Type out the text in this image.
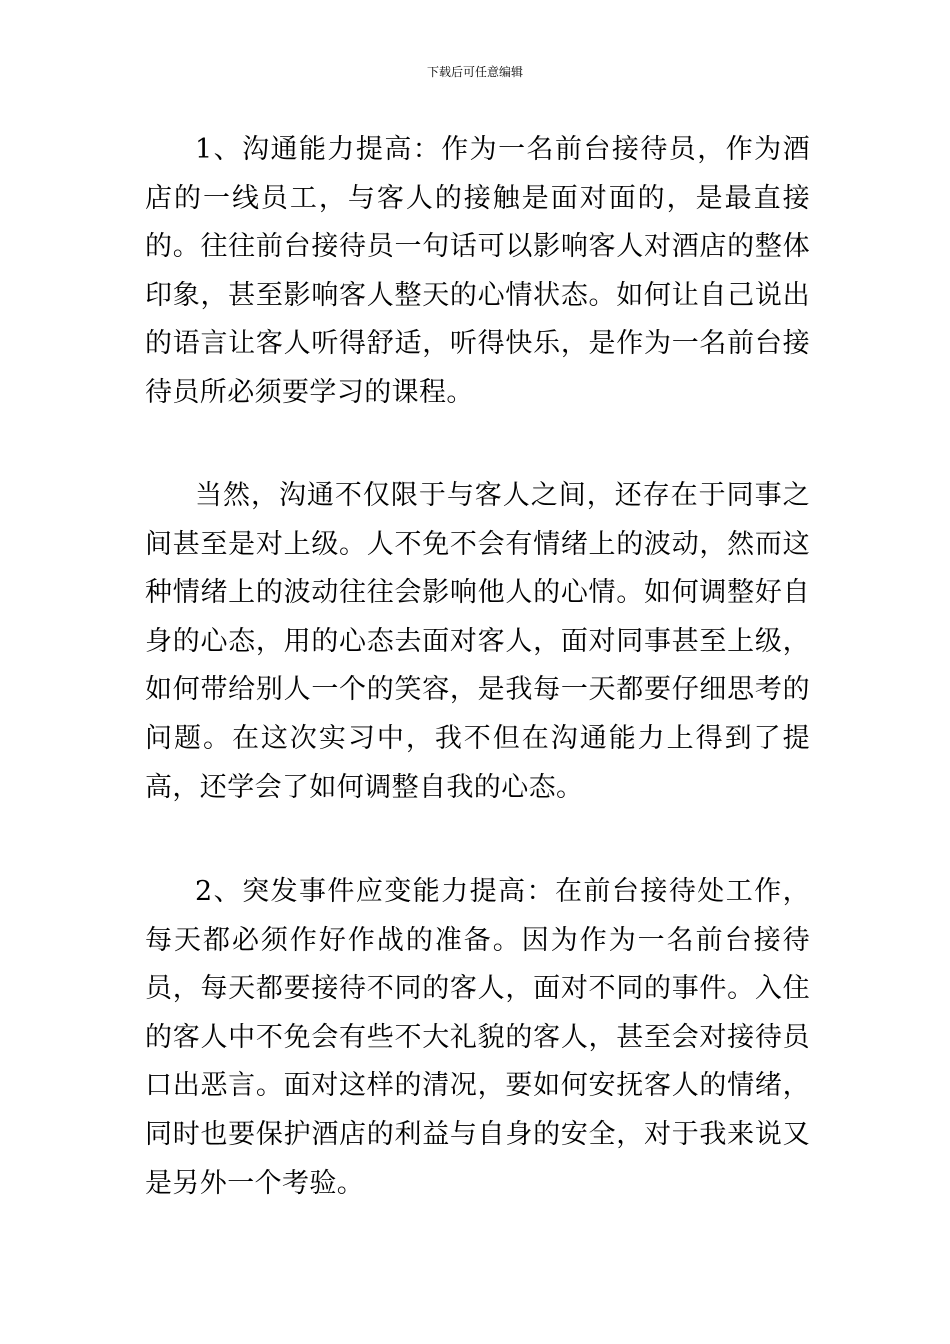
下载后可任意编辑

1、沟通能力提高：作为一名前台接待员，作为酒店的一线员工，与客人的接触是面对面的，是最直接的。往往前台接待员一句话可以影响客人对酒店的整体印象，甚至影响客人整天的心情状态。如何让自己说出的语言让客人听得舒适，听得快乐，是作为一名前台接待员所必须要学习的课程。

当然，沟通不仅限于与客人之间，还存在于同事之间甚至是对上级。人不免不会有情绪上的波动，然而这种情绪上的波动往往会影响他人的心情。如何调整好自身的心态，用的心态去面对客人，面对同事甚至上级，如何带给别人一个的笑容，是我每一天都要仔细思考的问题。在这次实习中，我不但在沟通能力上得到了提高，还学会了如何调整自我的心态。

2、突发事件应变能力提高：在前台接待处工作，每天都必须作好作战的准备。因为作为一名前台接待员，每天都要接待不同的客人，面对不同的事件。入住的客人中不免会有些不大礼貌的客人，甚至会对接待员口出恶言。面对这样的清况，要如何安抚客人的情绪，同时也要保护酒店的利益与自身的安全，对于我来说又是另外一个考验。
